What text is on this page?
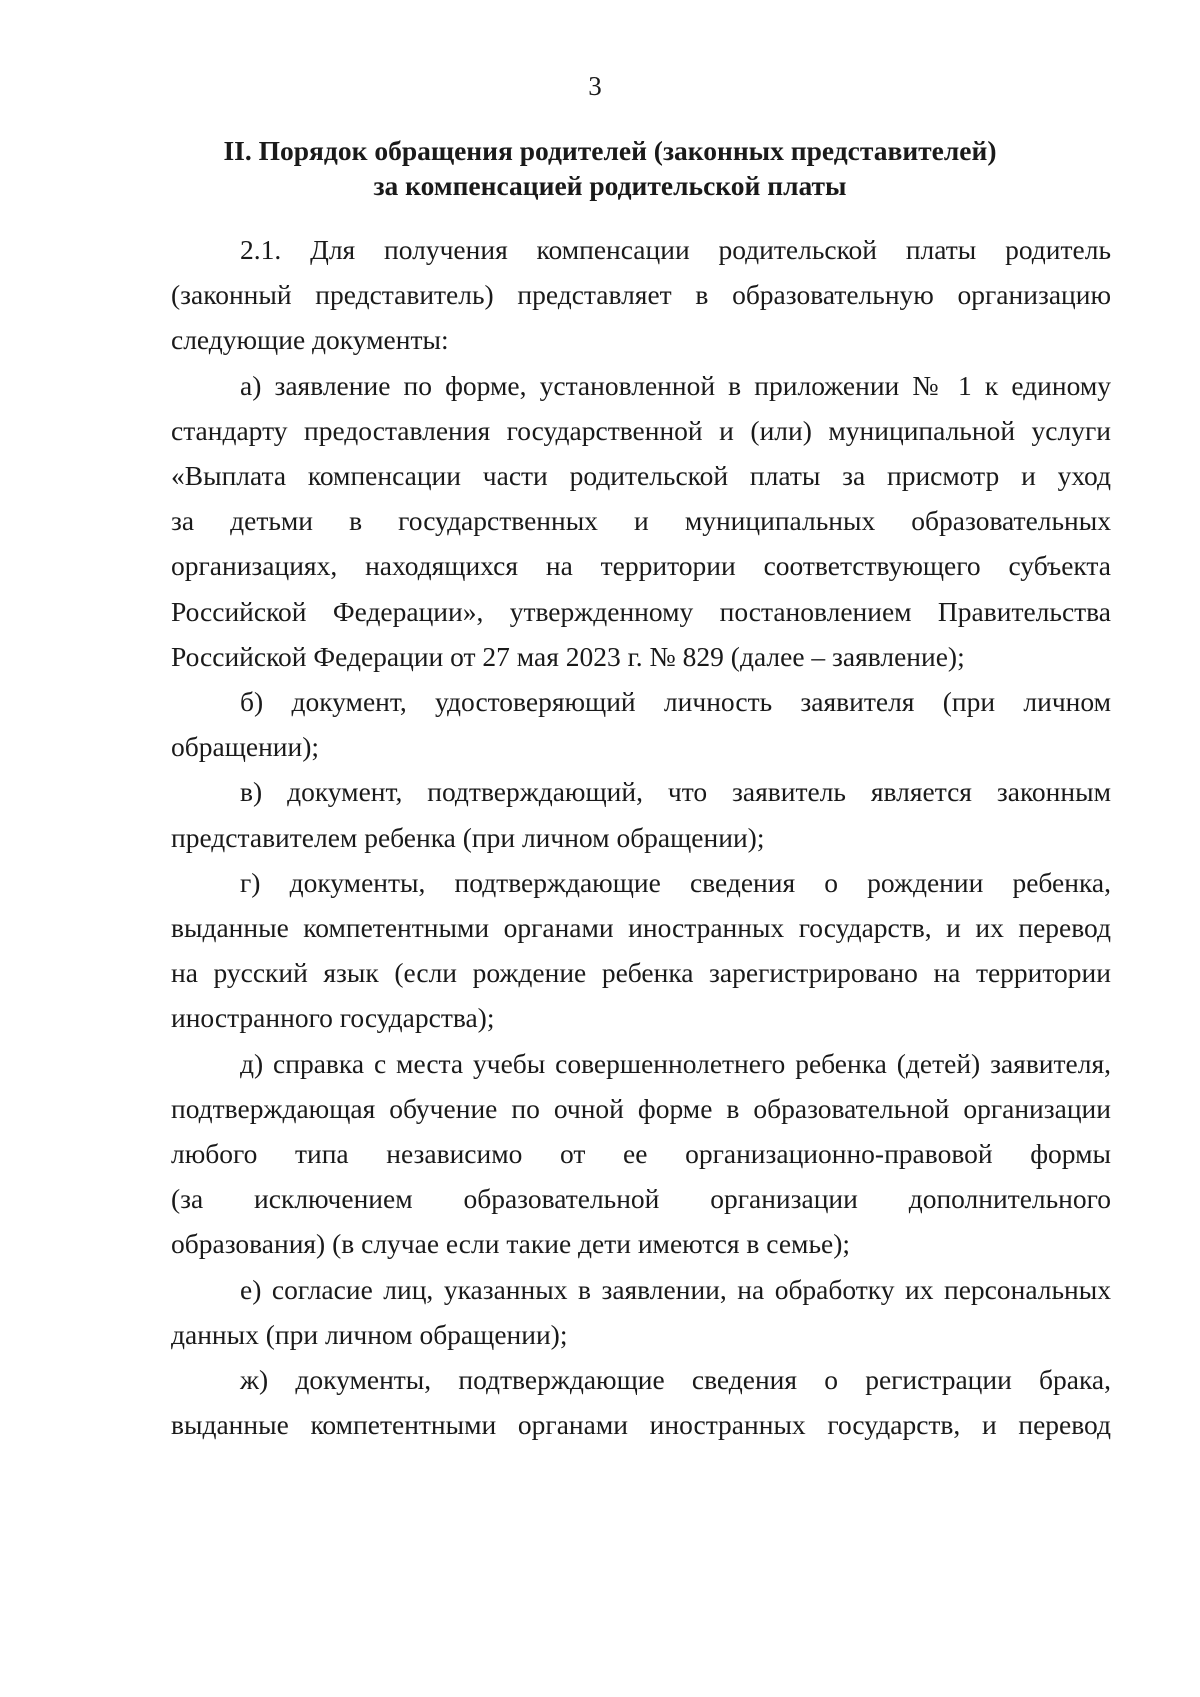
3
II. Порядок обращения родителей (законных представителей)
за компенсацией родительской платы
2.1. Для получения компенсации родительской платы родитель
(законный представитель) представляет в образовательную организацию
следующие документы:
а) заявление по форме, установленной в приложении № 1 к единому
стандарту предоставления государственной и (или) муниципальной услуги
«Выплата компенсации части родительской платы за присмотр и уход
за детьми в государственных и муниципальных образовательных
организациях, находящихся на территории соответствующего субъекта
Российской Федерации», утвержденному постановлением Правительства
Российской Федерации от 27 мая 2023 г. № 829 (далее – заявление);
б) документ, удостоверяющий личность заявителя (при личном
обращении);
в) документ, подтверждающий, что заявитель является законным
представителем ребенка (при личном обращении);
г) документы, подтверждающие сведения о рождении ребенка,
выданные компетентными органами иностранных государств, и их перевод
на русский язык (если рождение ребенка зарегистрировано на территории
иностранного государства);
д) справка с места учебы совершеннолетнего ребенка (детей) заявителя,
подтверждающая обучение по очной форме в образовательной организации
любого типа независимо от ее организационно-правовой формы
(за исключением образовательной организации дополнительного
образования) (в случае если такие дети имеются в семье);
е) согласие лиц, указанных в заявлении, на обработку их персональных
данных (при личном обращении);
ж) документы, подтверждающие сведения о регистрации брака,
выданные компетентными органами иностранных государств, и перевод
